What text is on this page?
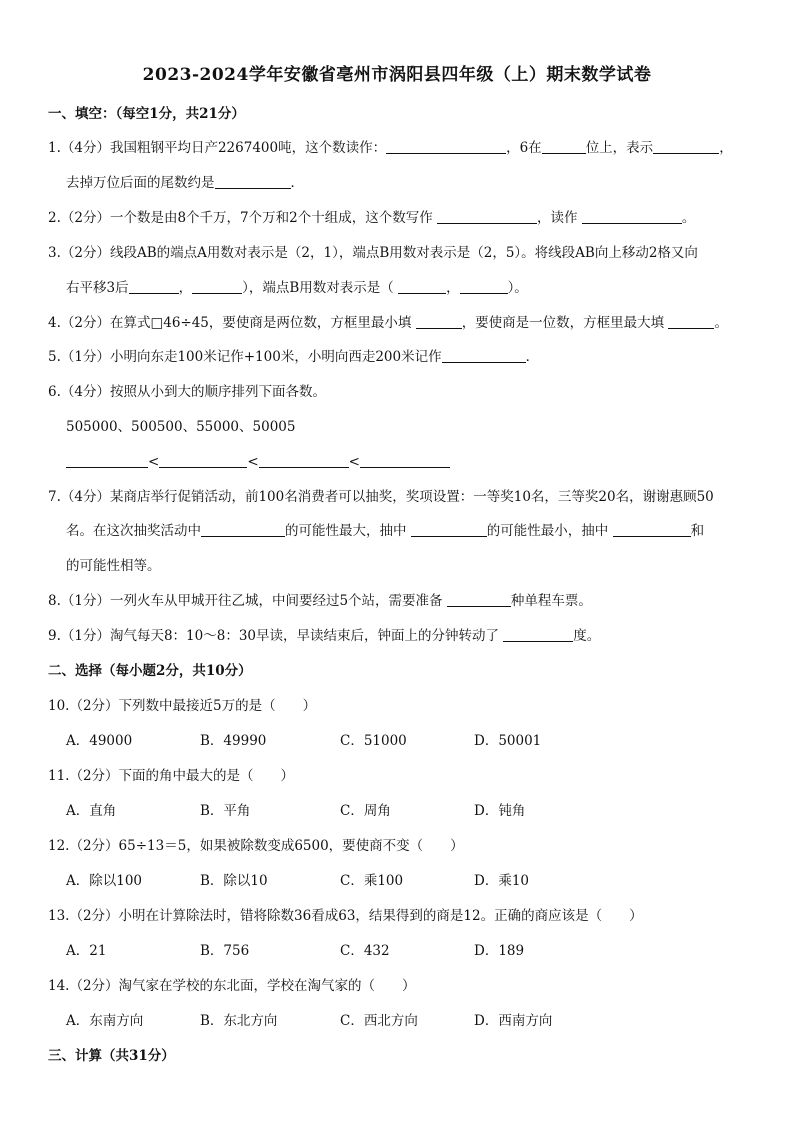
2023-2024学年安徽省亳州市涡阳县四年级（上）期末数学试卷
一、填空：（每空1分，共21分）
1.（4分）我国粗钢平均日产2267400吨，这个数读作：	，6在	位上，表示	，
去掉万位后面的尾数约是	．
2.（2分）一个数是由8个千万，7个万和2个十组成，这个数写作	，读作	。
3.（2分）线段AB的端点A用数对表示是（2，1），端点B用数对表示是（2，5）。将线段AB向上移动2格又向
右平移3后	，	），端点B用数对表示是（	，	）。
4.（2分）在算式□46÷45，要使商是两位数，方框里最小填	，要使商是一位数，方框里最大填	。
5.（1分）小明向东走100米记作+100米，小明向西走200米记作	．
6.（4分）按照从小到大的顺序排列下面各数。
505000、500500、55000、50005
<	<	<
7.（4分）某商店举行促销活动，前100名消费者可以抽奖，奖项设置：一等奖10名，三等奖20名，谢谢惠顾50
名。在这次抽奖活动中	的可能性最大，抽中	的可能性最小，抽中	和
的可能性相等。
8.（1分）一列火车从甲城开往乙城，中间要经过5个站，需要准备	种单程车票。
9.（1分）淘气每天8：10～8：30早读，早读结束后，钟面上的分钟转动了	度。
二、选择（每小题2分，共10分）
10.（2分）下列数中最接近5万的是（　　）
A．49000	B．49990	C．51000	D．50001
11.（2分）下面的角中最大的是（　　）
A．直角	B．平角	C．周角	D．钝角
12.（2分）65÷13＝5，如果被除数变成6500，要使商不变（　　）
A．除以100	B．除以10	C．乘100	D．乘10
13.（2分）小明在计算除法时，错将除数36看成63，结果得到的商是12。正确的商应该是（　　）
A．21	B．756	C．432	D．189
14.（2分）淘气家在学校的东北面，学校在淘气家的（　　）
A．东南方向	B．东北方向	C．西北方向	D．西南方向
三、计算（共31分）
